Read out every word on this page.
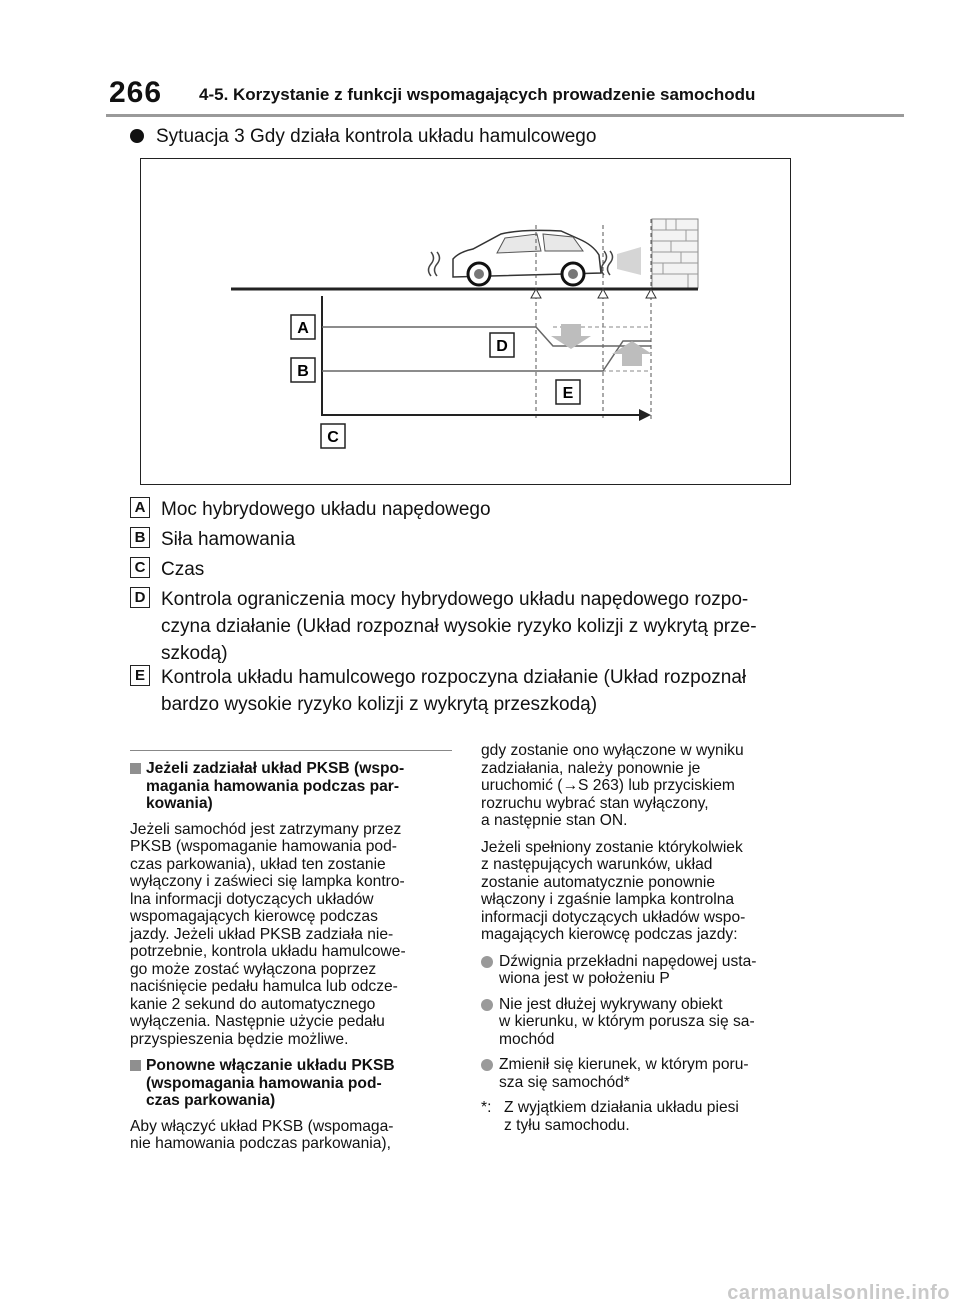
266 4-5. Korzystanie z funkcji wspomagających prowadzenie samochodu
Sytuacja 3 Gdy działa kontrola układu hamulcowego
A
B
C
D
E
A Moc hybrydowego układu napędowego
B Siła hamowania
C Czas
D Kontrola ograniczenia mocy hybrydowego układu napędowego rozpo-
czyna działanie (Układ rozpoznał wysokie ryzyko kolizji z wykrytą prze-
szkodą)
E Kontrola układu hamulcowego rozpoczyna działanie (Układ rozpoznał
bardzo wysokie ryzyko kolizji z wykrytą przeszkodą)
Jeżeli zadziałał układ PKSB (wspo-
magania hamowania podczas par-
kowania)

Jeżeli samochód jest zatrzymany przez
PKSB (wspomaganie hamowania pod-
czas parkowania), układ ten zostanie
wyłączony i zaświeci się lampka kontro-
lna informacji dotyczących układów
wspomagających kierowcę podczas
jazdy. Jeżeli układ PKSB zadziała nie-
potrzebnie, kontrola układu hamulcowe-
go może zostać wyłączona poprzez
naciśnięcie pedału hamulca lub odcze-
kanie 2 sekund do automatycznego
wyłączenia. Następnie użycie pedału
przyspieszenia będzie możliwe.

Ponowne włączanie układu PKSB
(wspomagania hamowania pod-
czas parkowania)

Aby włączyć układ PKSB (wspomaga-
nie hamowania podczas parkowania),

gdy zostanie ono wyłączone w wyniku
zadziałania, należy ponownie je
uruchomić (→S 263) lub przyciskiem
rozruchu wybrać stan wyłączony,
a następnie stan ON.

Jeżeli spełniony zostanie którykolwiek
z następujących warunków, układ
zostanie automatycznie ponownie
włączony i zgaśnie lampka kontrolna
informacji dotyczących układów wspo-
magających kierowcę podczas jazdy:

Dźwignia przekładni napędowej usta-
wiona jest w położeniu P
Nie jest dłużej wykrywany obiekt
w kierunku, w którym porusza się sa-
mochód
Zmienił się kierunek, w którym poru-
sza się samochód*
*: Z wyjątkiem działania układu piesi
z tyłu samochodu.
carmanualsonline.info
